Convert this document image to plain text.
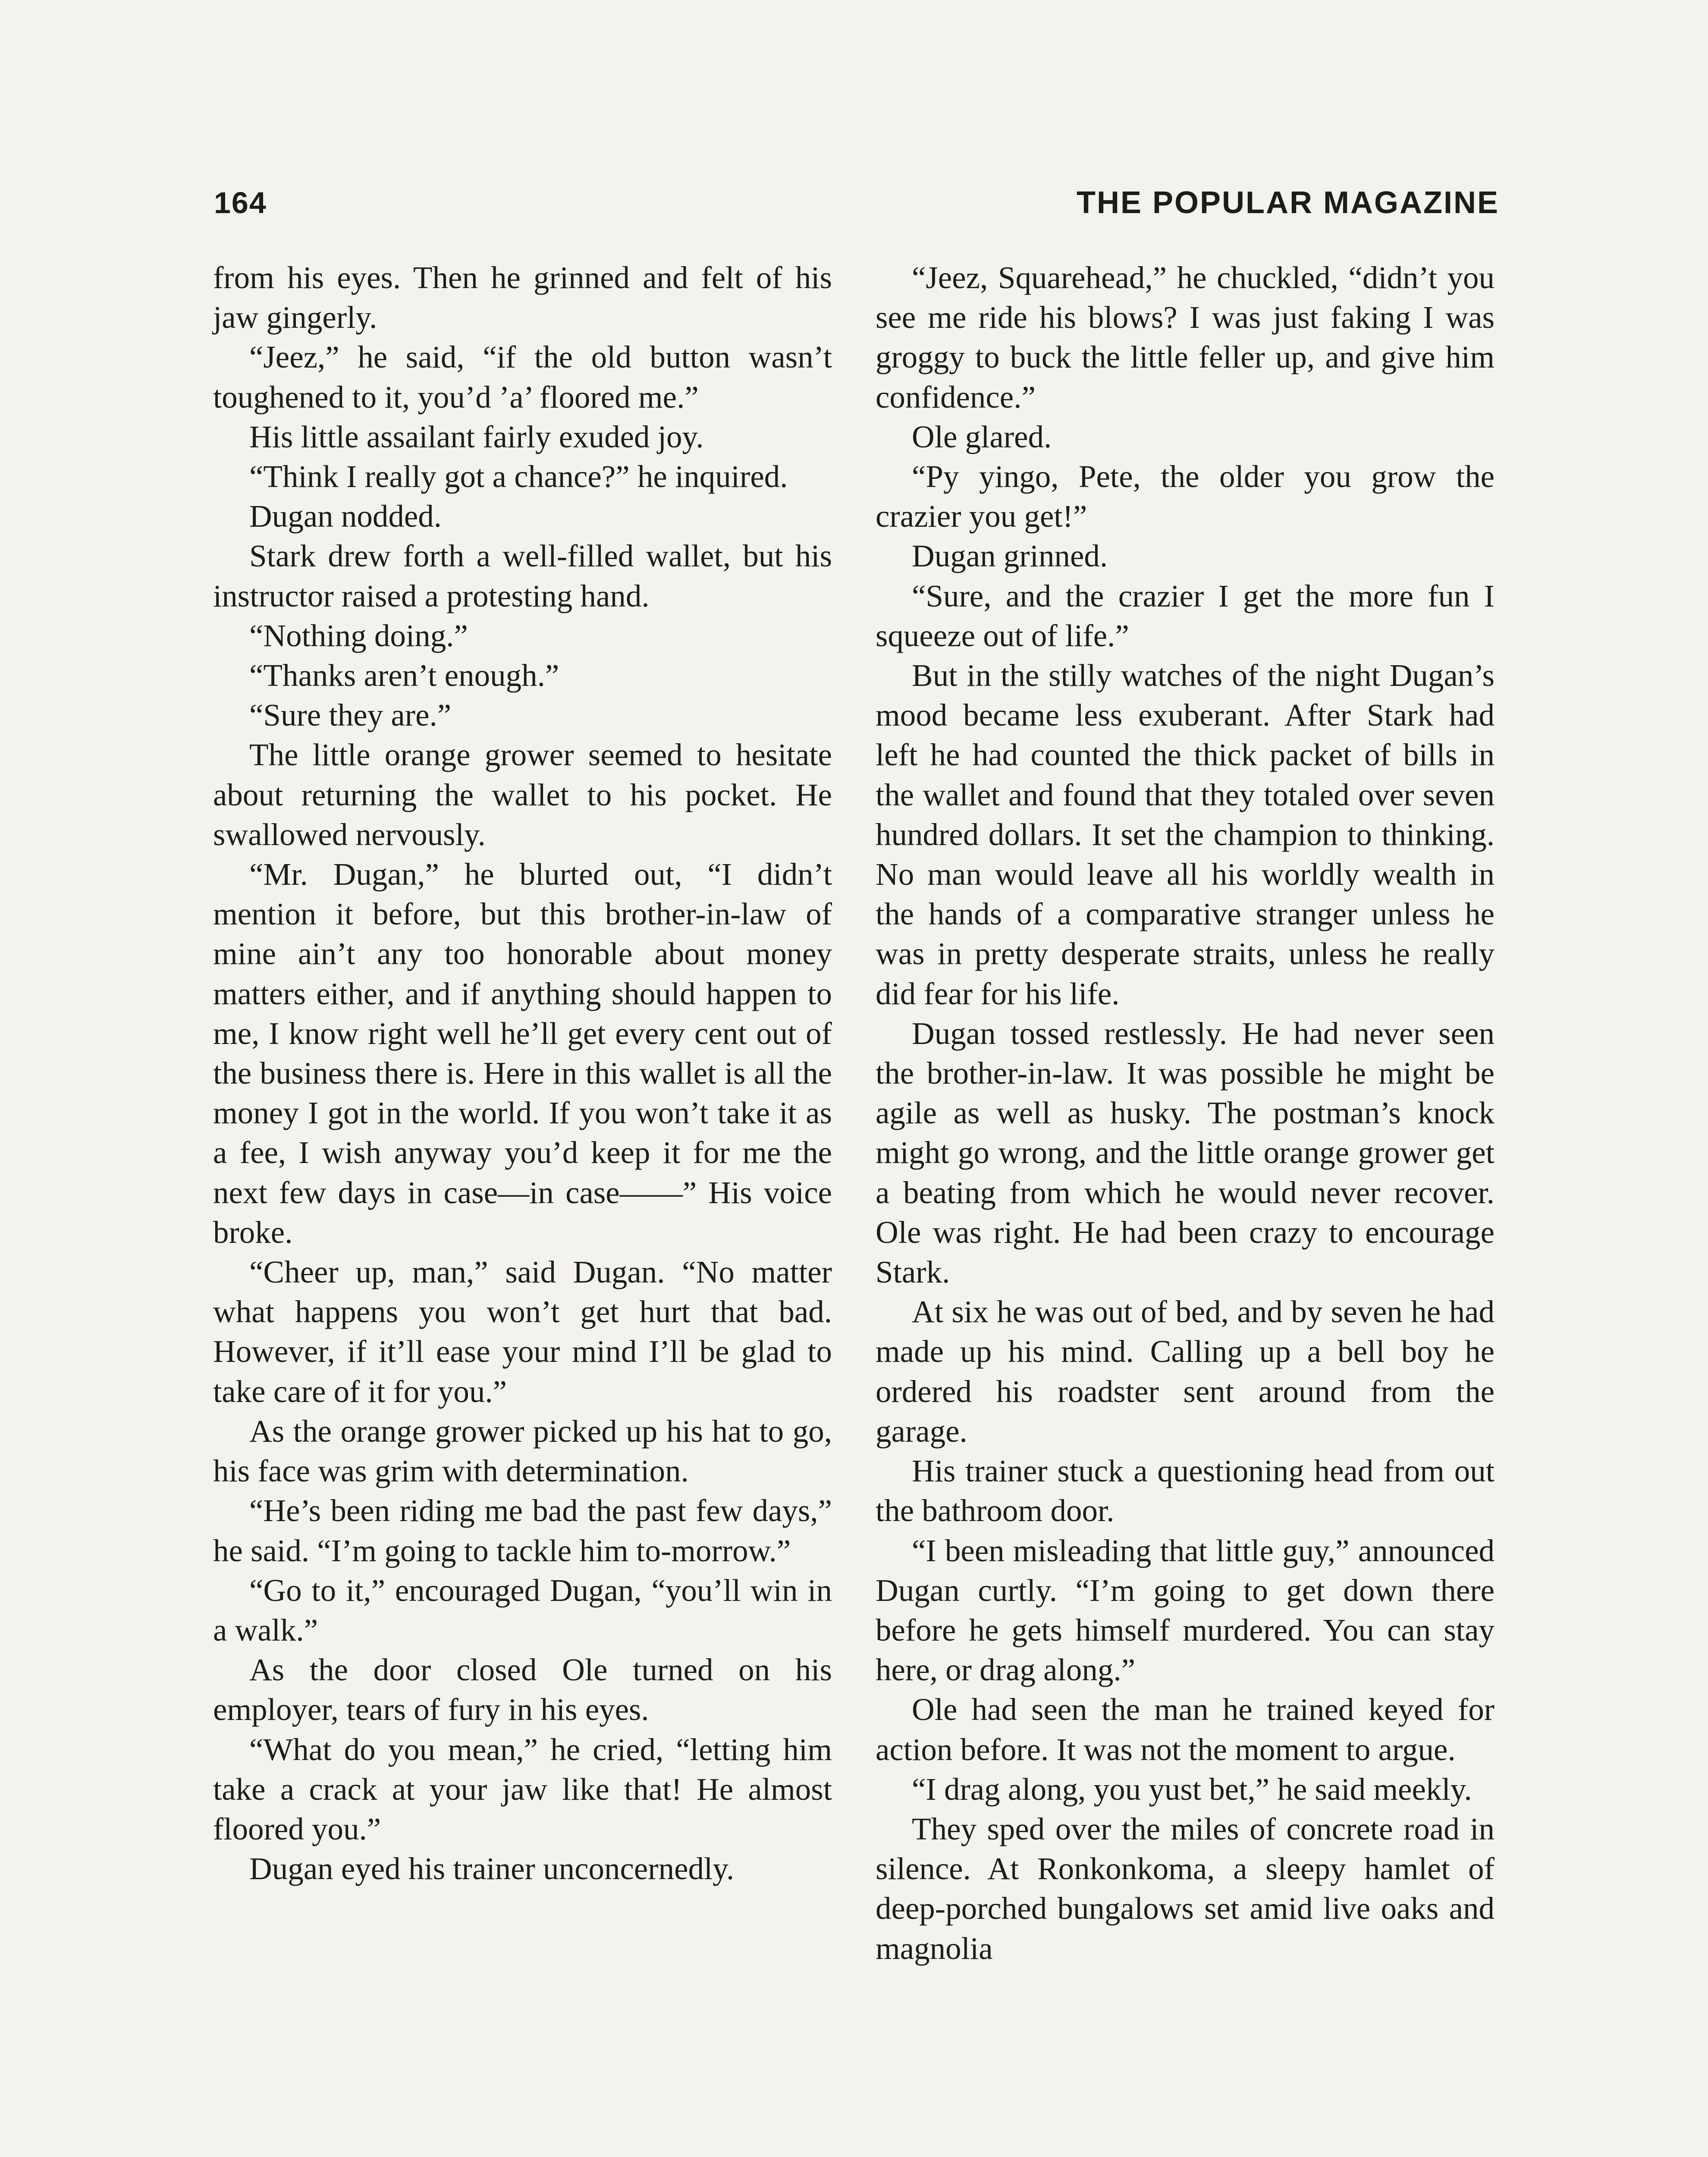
164	THE POPULAR MAGAZINE

from his eyes. Then he grinned and felt of his jaw gingerly.

“Jeez,” he said, “if the old button wasn’t toughened to it, you’d ’a’ floored me.”

His little assailant fairly exuded joy.

“Think I really got a chance?” he inquired.

Dugan nodded.

Stark drew forth a well-filled wallet, but his instructor raised a protesting hand.

“Nothing doing.”

“Thanks aren’t enough.”

“Sure they are.”

The little orange grower seemed to hesitate about returning the wallet to his pocket. He swallowed nervously.

“Mr. Dugan,” he blurted out, “I didn’t mention it before, but this brother-in-law of mine ain’t any too honorable about money matters either, and if anything should happen to me, I know right well he’ll get every cent out of the business there is. Here in this wallet is all the money I got in the world. If you won’t take it as a fee, I wish anyway you’d keep it for me the next few days in case—in case——” His voice broke.

“Cheer up, man,” said Dugan. “No matter what happens you won’t get hurt that bad. However, if it’ll ease your mind I’ll be glad to take care of it for you.”

As the orange grower picked up his hat to go, his face was grim with determination.

“He’s been riding me bad the past few days,” he said. “I’m going to tackle him to-morrow.”

“Go to it,” encouraged Dugan, “you’ll win in a walk.”

As the door closed Ole turned on his employer, tears of fury in his eyes.

“What do you mean,” he cried, “letting him take a crack at your jaw like that! He almost floored you.”

Dugan eyed his trainer unconcernedly.

“Jeez, Squarehead,” he chuckled, “didn’t you see me ride his blows? I was just faking I was groggy to buck the little feller up, and give him confidence.”

Ole glared.

“Py yingo, Pete, the older you grow the crazier you get!”

Dugan grinned.

“Sure, and the crazier I get the more fun I squeeze out of life.”

But in the stilly watches of the night Dugan’s mood became less exuberant. After Stark had left he had counted the thick packet of bills in the wallet and found that they totaled over seven hundred dollars. It set the champion to thinking. No man would leave all his worldly wealth in the hands of a comparative stranger unless he was in pretty desperate straits, unless he really did fear for his life.

Dugan tossed restlessly. He had never seen the brother-in-law. It was possible he might be agile as well as husky. The postman’s knock might go wrong, and the little orange grower get a beating from which he would never recover. Ole was right. He had been crazy to encourage Stark.

At six he was out of bed, and by seven he had made up his mind. Calling up a bell boy he ordered his roadster sent around from the garage.

His trainer stuck a questioning head from out the bathroom door.

“I been misleading that little guy,” announced Dugan curtly. “I’m going to get down there before he gets himself murdered. You can stay here, or drag along.”

Ole had seen the man he trained keyed for action before. It was not the moment to argue.

“I drag along, you yust bet,” he said meekly.

They sped over the miles of concrete road in silence. At Ronkonkoma, a sleepy hamlet of deep-porched bungalows set amid live oaks and magnolia
